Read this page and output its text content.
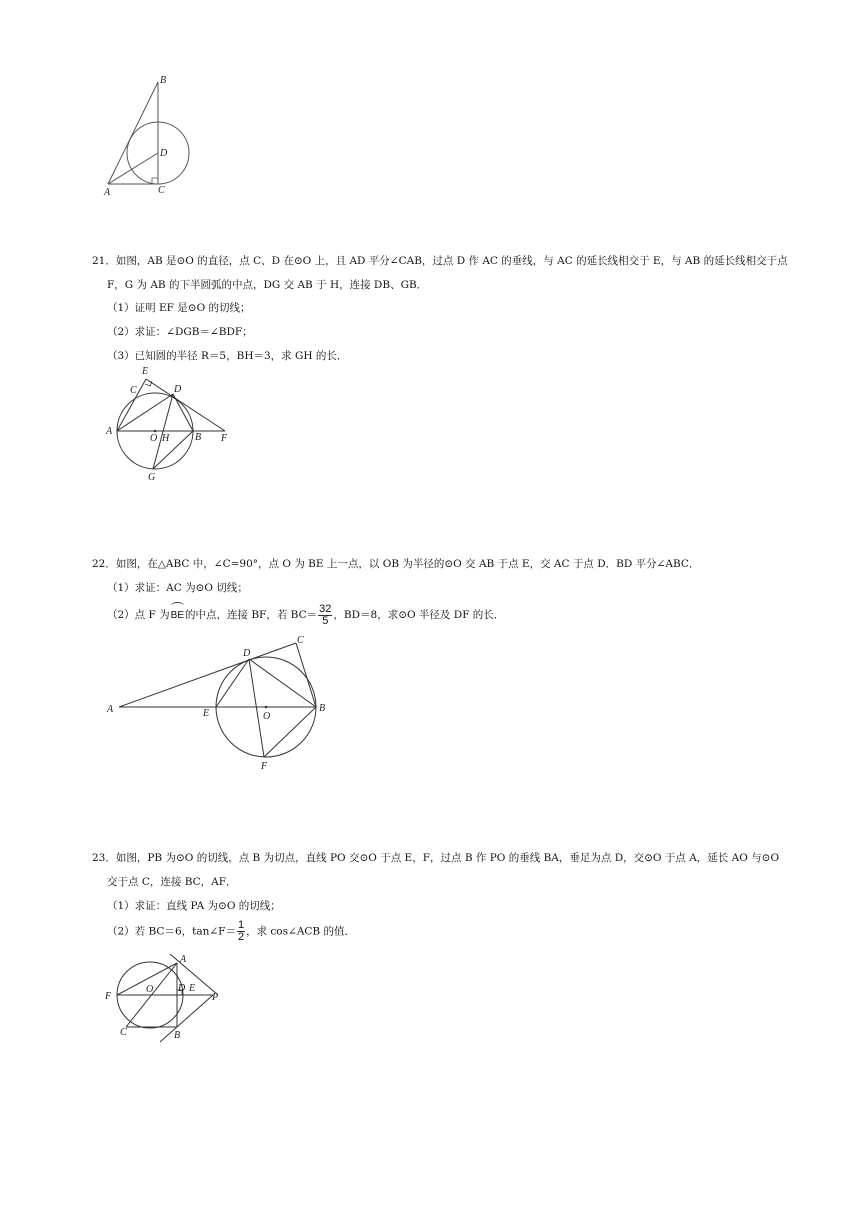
B
D
A	C
21．如图，AB 是⊙O 的直径，点 C、D 在⊙O 上，且 AD 平分∠CAB，过点 D 作 AC 的垂线，与 AC 的延长线相交于 E，与 AB 的延长线相交于点
F，G 为 AB 的下半圆弧的中点，DG 交 AB 于 H，连接 DB、GB．
（1）证明 EF 是⊙O 的切线；
（2）求证：∠DGB＝∠BDF；
（3）已知圆的半径 R＝5，BH＝3，求 GH 的长．
E
C	D
A
O H	B F
G
22．如图，在△ABC 中，∠C=90°，点 O 为 BE 上一点，以 OB 为半径的⊙O 交 AB 于点 E，交 AC 于点 D．BD 平分∠ABC．
（1）求证：AC 为⊙O 切线；
（2）点 F 为BE的中点，连接 BF，若 $BC= \frac{32}{5}$ ，BD＝8，求⊙O 半径及 DF 的长．
D
C
A	E	O
B
F
23．如图，PB 为⊙O 的切线，点 B 为切点，直线 PO 交⊙O 于点 E，F，过点 B 作 PO 的垂线 BA，垂足为点 D，交⊙O 于点 A，延长 AO 与⊙O
交于点 C，连接 BC，AF．
（1）求证：直线 PA 为⊙O 的切线；
（2）若 BC＝6，tan∠F＝ $\frac{1}{2}$ ，求 cos∠ACB 的值．
A
F
O D E
P
C	B
